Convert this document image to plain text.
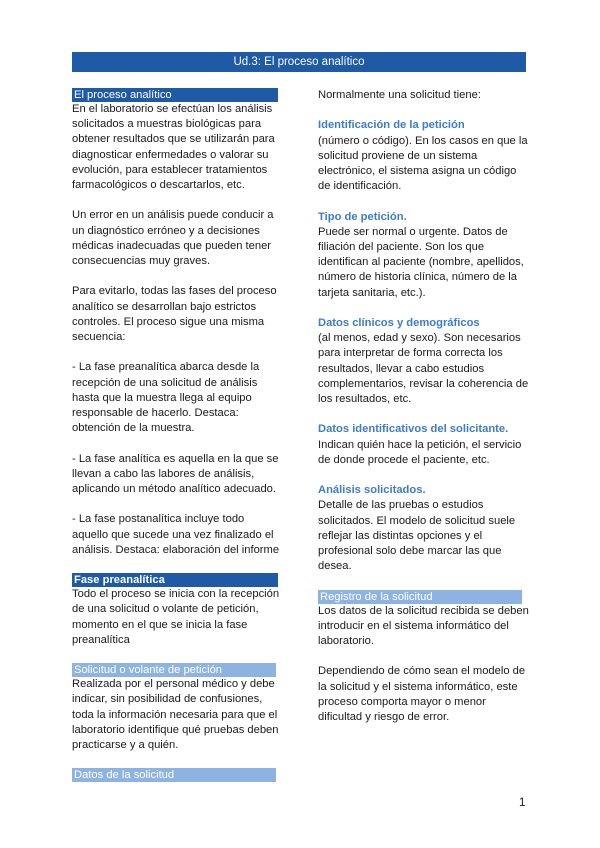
Ud.3: El proceso analítico
El proceso analítico

En el laboratorio se efectúan los análisis solicitados a muestras biológicas para obtener resultados que se utilizarán para diagnosticar enfermedades o valorar su evolución, para establecer tratamientos farmacológicos o descartarlos, etc.

Un error en un análisis puede conducir a un diagnóstico erróneo y a decisiones médicas inadecuadas que pueden tener consecuencias muy graves.

Para evitarlo, todas las fases del proceso analítico se desarrollan bajo estrictos controles. El proceso sigue una misma secuencia:

- La fase preanalítica abarca desde la recepción de una solicitud de análisis hasta que la muestra llega al equipo responsable de hacerlo. Destaca: obtención de la muestra.

- La fase analítica es aquella en la que se llevan a cabo las labores de análisis, aplicando un método analítico adecuado.

- La fase postanalítica incluye todo aquello que sucede una vez finalizado el análisis. Destaca: elaboración del informe

Fase preanalítica

Todo el proceso se inicia con la recepción de una solicitud o volante de petición, momento en el que se inicia la fase preanalítica

Solicitud o volante de petición

Realizada por el personal médico y debe indicar, sin posibilidad de confusiones, toda la información necesaria para que el laboratorio identifique qué pruebas deben practicarse y a quién.

Datos de la solicitud

Normalmente una solicitud tiene:

Identificación de la petición
(número o código). En los casos en que la solicitud proviene de un sistema electrónico, el sistema asigna un código de identificación.

Tipo de petición.
Puede ser normal o urgente. Datos de filiación del paciente. Son los que identifican al paciente (nombre, apellidos, número de historia clínica, número de la tarjeta sanitaria, etc.).

Datos clínicos y demográficos
(al menos, edad y sexo). Son necesarios para interpretar de forma correcta los resultados, llevar a cabo estudios complementarios, revisar la coherencia de los resultados, etc.

Datos identificativos del solicitante.
Indican quién hace la petición, el servicio de donde procede el paciente, etc.

Análisis solicitados.
Detalle de las pruebas o estudios solicitados. El modelo de solicitud suele reflejar las distintas opciones y el profesional solo debe marcar las que desea.

Registro de la solicitud

Los datos de la solicitud recibida se deben introducir en el sistema informático del laboratorio.

Dependiendo de cómo sean el modelo de la solicitud y el sistema informático, este proceso comporta mayor o menor dificultad y riesgo de error.

1
